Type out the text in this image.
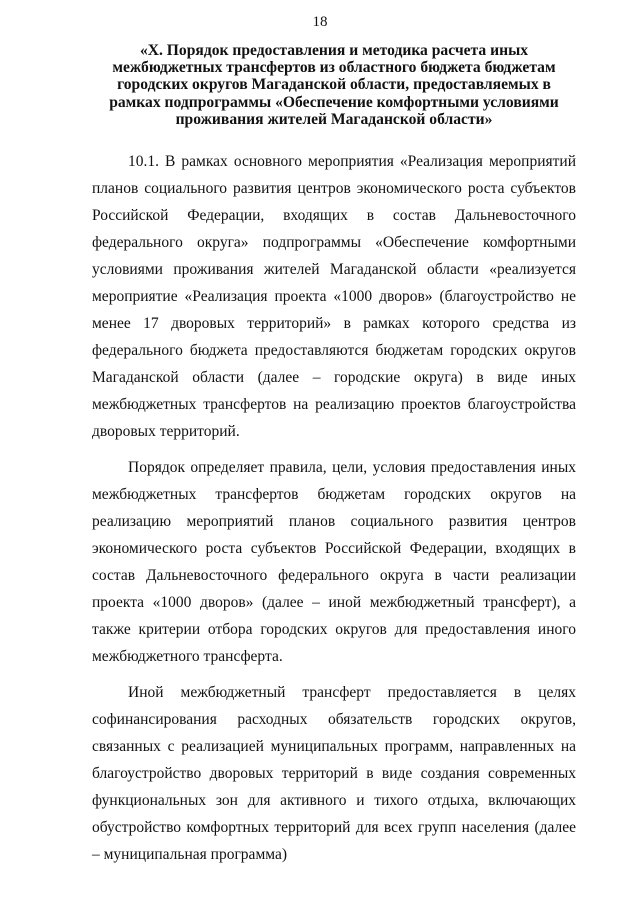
18
«X. Порядок предоставления и методика расчета иных межбюджетных трансфертов из областного бюджета бюджетам городских округов Магаданской области, предоставляемых в рамках подпрограммы «Обеспечение комфортными условиями проживания жителей Магаданской области»

10.1. В рамках основного мероприятия «Реализация мероприятий планов социального развития центров экономического роста субъектов Российской Федерации, входящих в состав Дальневосточного федерального округа» подпрограммы «Обеспечение комфортными условиями проживания жителей Магаданской области «реализуется мероприятие «Реализация проекта «1000 дворов» (благоустройство не менее 17 дворовых территорий» в рамках которого средства из федерального бюджета предоставляются бюджетам городских округов Магаданской области (далее – городские округа) в виде иных межбюджетных трансфертов на реализацию проектов благоустройства дворовых территорий.

Порядок определяет правила, цели, условия предоставления иных межбюджетных трансфертов бюджетам городских округов на реализацию мероприятий планов социального развития центров экономического роста субъектов Российской Федерации, входящих в состав Дальневосточного федерального округа в части реализации проекта «1000 дворов» (далее – иной межбюджетный трансферт), а также критерии отбора городских округов для предоставления иного межбюджетного трансферта.

Иной межбюджетный трансферт предоставляется в целях софинансирования расходных обязательств городских округов, связанных с реализацией муниципальных программ, направленных на благоустройство дворовых территорий в виде создания современных функциональных зон для активного и тихого отдыха, включающих обустройство комфортных территорий для всех групп населения (далее – муниципальная программа)
